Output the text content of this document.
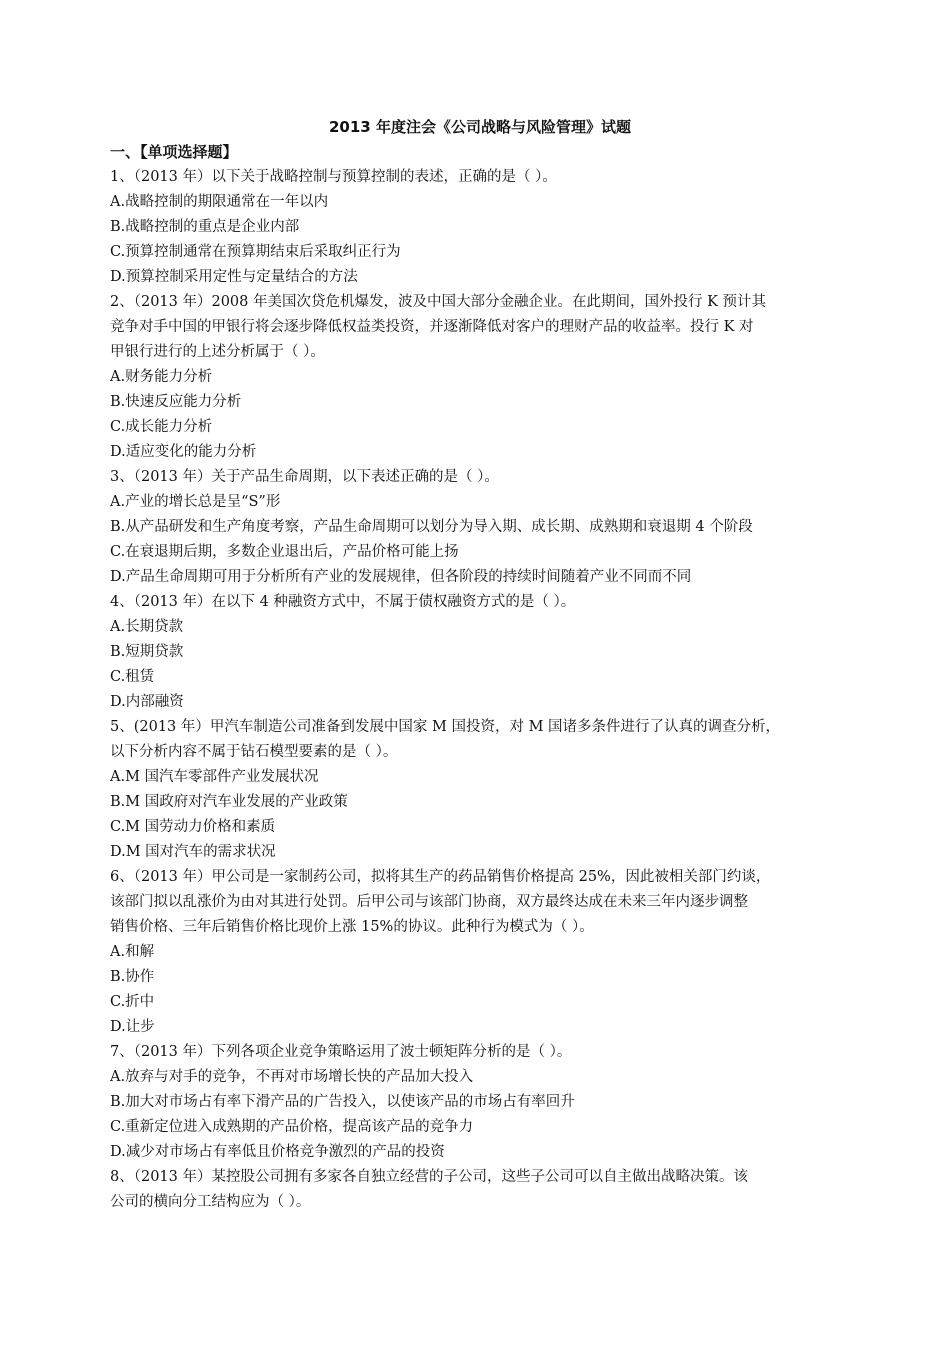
2013 年度注会《公司战略与风险管理》试题
一、【单项选择题】
1、（2013 年）以下关于战略控制与预算控制的表述，正确的是（ ）。
A.战略控制的期限通常在一年以内
B.战略控制的重点是企业内部
C.预算控制通常在预算期结束后采取纠正行为
D.预算控制采用定性与定量结合的方法
2、（2013 年）2008 年美国次贷危机爆发，波及中国大部分金融企业。在此期间，国外投行 K 预计其
竞争对手中国的甲银行将会逐步降低权益类投资，并逐渐降低对客户的理财产品的收益率。投行 K 对
甲银行进行的上述分析属于（ ）。
A.财务能力分析
B.快速反应能力分析
C.成长能力分析
D.适应变化的能力分析
3、（2013 年）关于产品生命周期，以下表述正确的是（ ）。
A.产业的增长总是呈“S”形
B.从产品研发和生产角度考察，产品生命周期可以划分为导入期、成长期、成熟期和衰退期 4 个阶段
C.在衰退期后期，多数企业退出后，产品价格可能上扬
D.产品生命周期可用于分析所有产业的发展规律，但各阶段的持续时间随着产业不同而不同
4、（2013 年）在以下 4 种融资方式中，不属于债权融资方式的是（ ）。
A.长期贷款
B.短期贷款
C.租赁
D.内部融资
5、(2013 年）甲汽车制造公司准备到发展中国家 M 国投资，对 M 国诸多条件进行了认真的调查分析，
以下分析内容不属于钻石模型要素的是（ ）。
A.M 国汽车零部件产业发展状况
B.M 国政府对汽车业发展的产业政策
C.M 国劳动力价格和素质
D.M 国对汽车的需求状况
6、（2013 年）甲公司是一家制药公司，拟将其生产的药品销售价格提高 25%，因此被相关部门约谈，
该部门拟以乱涨价为由对其进行处罚。后甲公司与该部门协商，双方最终达成在未来三年内逐步调整
销售价格、三年后销售价格比现价上涨 15%的协议。此种行为模式为（ ）。
A.和解
B.协作
C.折中
D.让步
7、（2013 年）下列各项企业竞争策略运用了波士顿矩阵分析的是（ ）。
A.放弃与对手的竞争，不再对市场增长快的产品加大投入
B.加大对市场占有率下滑产品的广告投入，以使该产品的市场占有率回升
C.重新定位进入成熟期的产品价格，提高该产品的竞争力
D.减少对市场占有率低且价格竞争激烈的产品的投资
8、（2013 年）某控股公司拥有多家各自独立经营的子公司，这些子公司可以自主做出战略决策。该
公司的横向分工结构应为（ ）。
